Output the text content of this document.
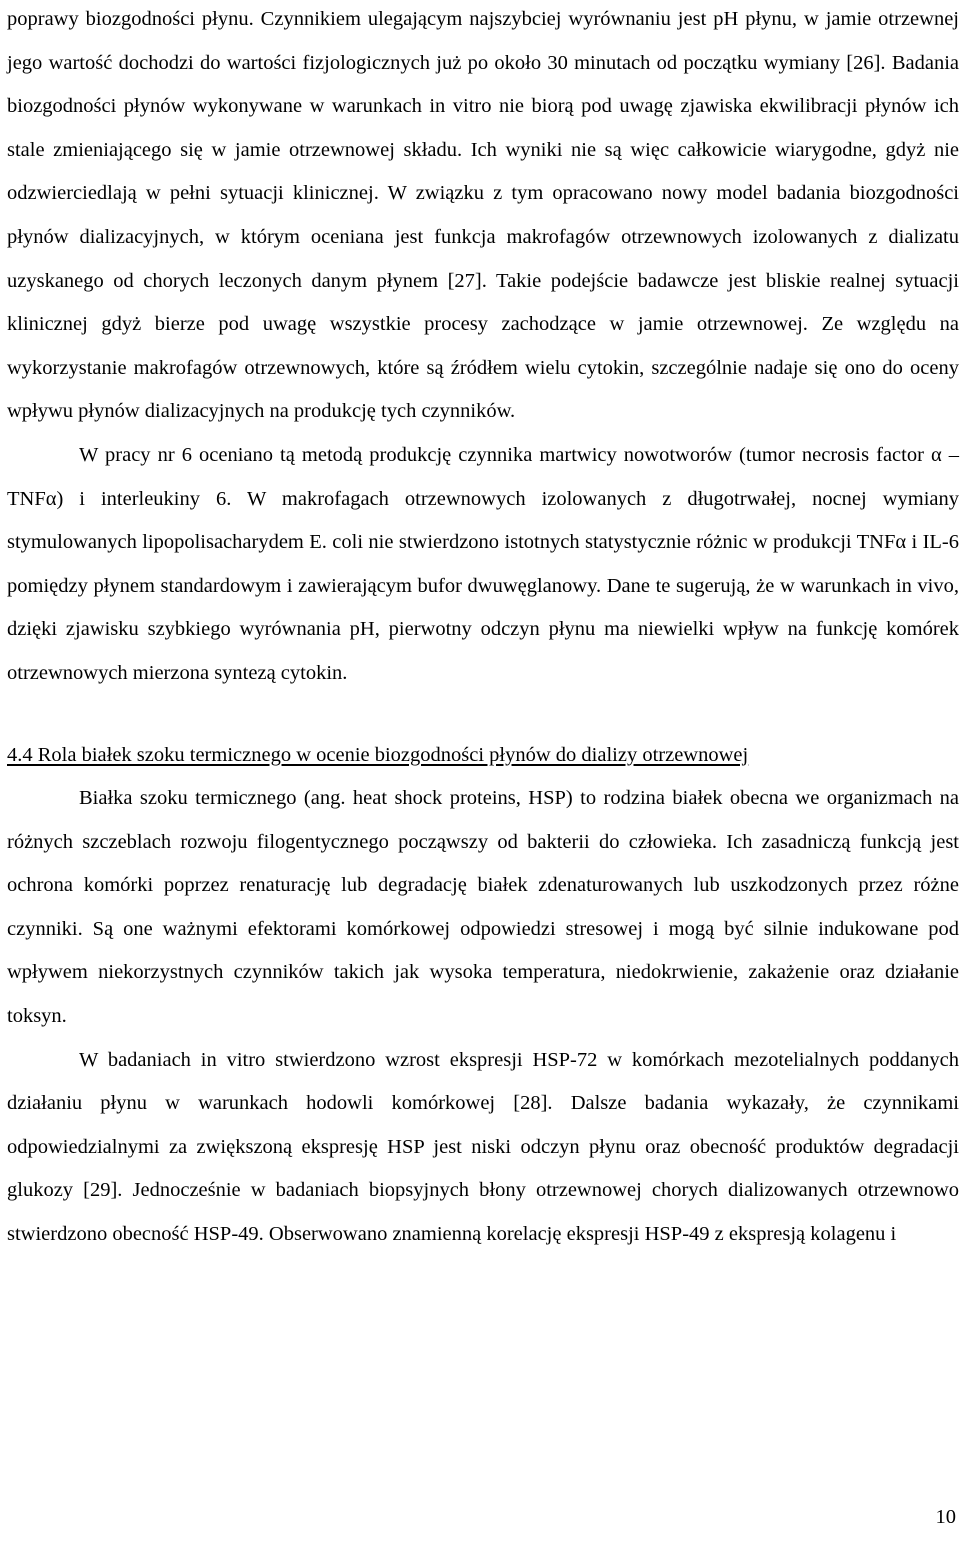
poprawy biozgodności płynu. Czynnikiem ulegającym najszybciej wyrównaniu jest pH płynu, w jamie otrzewnej jego wartość dochodzi do wartości fizjologicznych już po około 30 minutach od początku wymiany [26]. Badania biozgodności płynów wykonywane w warunkach in vitro nie biorą pod uwagę zjawiska ekwilibracji płynów ich stale zmieniającego się w jamie otrzewnowej składu. Ich wyniki nie są więc całkowicie wiarygodne, gdyż nie odzwierciedlają w pełni sytuacji klinicznej. W związku z tym opracowano nowy model badania biozgodności płynów dializacyjnych, w którym oceniana jest funkcja makrofagów otrzewnowych izolowanych z dializatu uzyskanego od chorych leczonych danym płynem [27]. Takie podejście badawcze jest bliskie realnej sytuacji klinicznej gdyż bierze pod uwagę wszystkie procesy zachodzące w jamie otrzewnowej. Ze względu na wykorzystanie makrofagów otrzewnowych, które są źródłem wielu cytokin, szczególnie nadaje się ono do oceny wpływu płynów dializacyjnych na produkcję tych czynników.

W pracy nr 6 oceniano tą metodą produkcję czynnika martwicy nowotworów (tumor necrosis factor α – TNFα) i interleukiny 6. W makrofagach otrzewnowych izolowanych z długotrwałej, nocnej wymiany stymulowanych lipopolisacharydem E. coli nie stwierdzono istotnych statystycznie różnic w produkcji TNFα i IL-6 pomiędzy płynem standardowym i zawierającym bufor dwuwęglanowy. Dane te sugerują, że w warunkach in vivo, dzięki zjawisku szybkiego wyrównania pH, pierwotny odczyn płynu ma niewielki wpływ na funkcję komórek otrzewnowych mierzona syntezą cytokin.

4.4 Rola białek szoku termicznego w ocenie biozgodności płynów do dializy otrzewnowej

Białka szoku termicznego (ang. heat shock proteins, HSP) to rodzina białek obecna we organizmach na różnych szczeblach rozwoju filogentycznego począwszy od bakterii do człowieka. Ich zasadniczą funkcją jest ochrona komórki poprzez renaturację lub degradację białek zdenaturowanych lub uszkodzonych przez różne czynniki. Są one ważnymi efektorami komórkowej odpowiedzi stresowej i mogą być silnie indukowane pod wpływem niekorzystnych czynników takich jak wysoka temperatura, niedokrwienie, zakażenie oraz działanie toksyn.

W badaniach in vitro stwierdzono wzrost ekspresji HSP-72 w komórkach mezotelialnych poddanych działaniu płynu w warunkach hodowli komórkowej [28]. Dalsze badania wykazały, że czynnikami odpowiedzialnymi za zwiększoną ekspresję HSP jest niski odczyn płynu oraz obecność produktów degradacji glukozy [29]. Jednocześnie w badaniach biopsyjnych błony otrzewnowej chorych dializowanych otrzewnowo stwierdzono obecność HSP-49. Obserwowano znamienną korelację ekspresji HSP-49 z ekspresją kolagenu i

10
